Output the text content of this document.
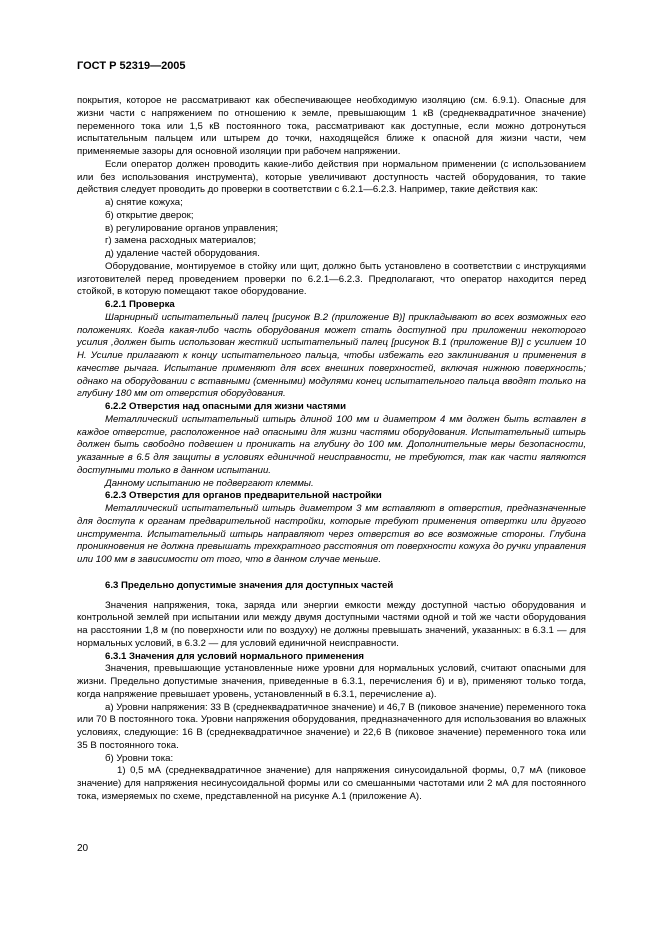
ГОСТ Р 52319—2005

покрытия, которое не рассматривают как обеспечивающее необходимую изоляцию (см. 6.9.1). Опасные для жизни части с напряжением по отношению к земле, превышающим 1 кВ (среднеквадратичное значение) переменного тока или 1,5 кВ постоянного тока, рассматривают как доступные, если можно дотронуться испытательным пальцем или штырем до точки, находящейся ближе к опасной для жизни части, чем применяемые зазоры для основной изоляции при рабочем напряжении.

Если оператор должен проводить какие-либо действия при нормальном применении (с использованием или без использования инструмента), которые увеличивают доступность частей оборудования, то такие действия следует проводить до проверки в соответствии с 6.2.1—6.2.3. Например, такие действия как:

а) снятие кожуха;

б) открытие дверок;

в) регулирование органов управления;

г) замена расходных материалов;

д) удаление частей оборудования.

Оборудование, монтируемое в стойку или щит, должно быть установлено в соответствии с инструкциями изготовителей перед проведением проверки по 6.2.1—6.2.3. Предполагают, что оператор находится перед стойкой, в которую помещают такое оборудование.

6.2.1 Проверка

Шарнирный испытательный палец [рисунок В.2 (приложение В)] прикладывают во всех возможных его положениях. Когда какая-либо часть оборудования может стать доступной при приложении некоторого усилия ,должен быть использован жесткий испытательный палец [рисунок В.1 (приложение В)] с усилием 10 Н. Усилие прилагают к концу испытательного пальца, чтобы избежать его заклинивания и применения в качестве рычага. Испытание применяют для всех внешних поверхностей, включая нижнюю поверхность; однако на оборудовании с вставными (сменными) модулями конец испытательного пальца вводят только на глубину 180 мм от отверстия оборудования.

6.2.2 Отверстия над опасными для жизни частями

Металлический испытательный штырь длиной 100 мм и диаметром 4 мм должен быть вставлен в каждое отверстие, расположенное над опасными для жизни частями оборудования. Испытательный штырь должен быть свободно подвешен и проникать на глубину до 100 мм. Дополнительные меры безопасности, указанные в 6.5 для защиты в условиях единичной неисправности, не требуются, так как части являются доступными только в данном испытании.

Данному испытанию не подвергают клеммы.

6.2.3 Отверстия для органов предварительной настройки

Металлический испытательный штырь диаметром 3 мм вставляют в отверстия, предназначенные для доступа к органам предварительной настройки, которые требуют применения отвертки или другого инструмента. Испытательный штырь направляют через отверстия во все возможные стороны. Глубина проникновения не должна превышать трехкратного расстояния от поверхности кожуха до ручки управления или 100 мм в зависимости от того, что в данном случае меньше.

6.3 Предельно допустимые значения для доступных частей

Значения напряжения, тока, заряда или энергии емкости между доступной частью оборудования и контрольной землей при испытании или между двумя доступными частями одной и той же части оборудования на расстоянии 1,8 м (по поверхности или по воздуху) не должны превышать значений, указанных: в 6.3.1 — для нормальных условий, в 6.3.2 — для условий единичной неисправности.

6.3.1 Значения для условий нормального применения

Значения, превышающие установленные ниже уровни для нормальных условий, считают опасными для жизни. Предельно допустимые значения, приведенные в 6.3.1, перечисления б) и в), применяют только тогда, когда напряжение превышает уровень, установленный в 6.3.1, перечисление а).

а) Уровни напряжения: 33 В (среднеквадратичное значение) и 46,7 В (пиковое значение) переменного тока или 70 В постоянного тока. Уровни напряжения оборудования, предназначенного для использования во влажных условиях, следующие: 16 В (среднеквадратичное значение) и 22,6 В (пиковое значение) переменного тока или 35 В постоянного тока.

б) Уровни тока:

1) 0,5 мА (среднеквадратичное значение) для напряжения синусоидальной формы, 0,7 мА (пиковое значение) для напряжения несинусоидальной формы или со смешанными частотами или 2 мА для постоянного тока, измеряемых по схеме, представленной на рисунке А.1 (приложение А).

20
